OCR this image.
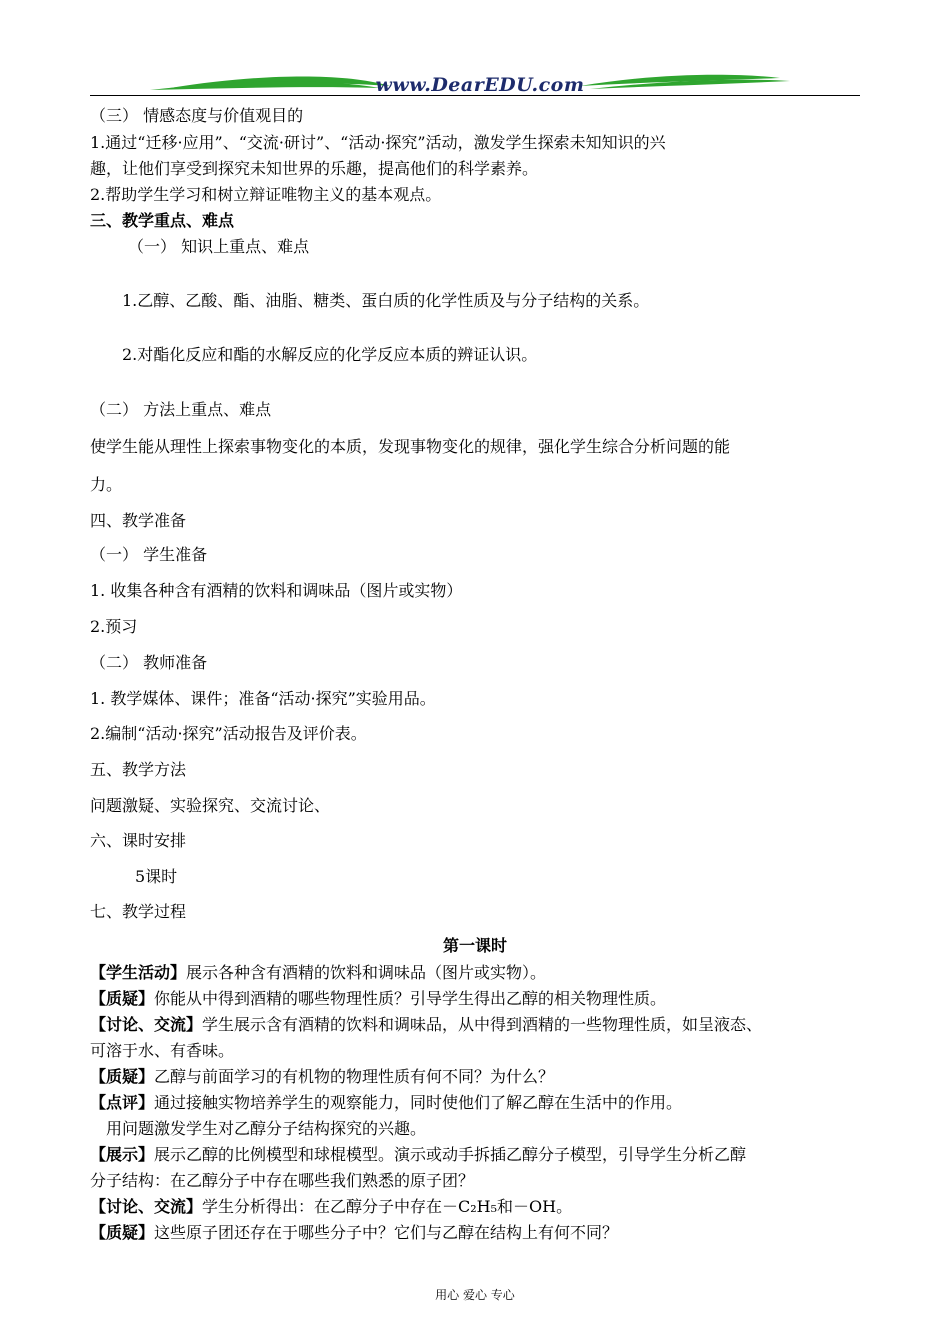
www.DearEDU.com
（三） 情感态度与价值观目的
1.通过“迁移·应用”、“交流·研讨”、“活动·探究”活动，激发学生探索未知知识的兴
趣，让他们享受到探究未知世界的乐趣，提高他们的科学素养。
2.帮助学生学习和树立辩证唯物主义的基本观点。
三、教学重点、难点
（一） 知识上重点、难点
1.乙醇、乙酸、酯、油脂、糖类、蛋白质的化学性质及与分子结构的关系。
2.对酯化反应和酯的水解反应的化学反应本质的辨证认识。
（二） 方法上重点、难点
使学生能从理性上探索事物变化的本质，发现事物变化的规律，强化学生综合分析问题的能
力。
四、教学准备
（一） 学生准备
1. 收集各种含有酒精的饮料和调味品（图片或实物）
2.预习
（二） 教师准备
1. 教学媒体、课件；准备“活动·探究”实验用品。
2.编制“活动·探究”活动报告及评价表。
五、教学方法
问题激疑、实验探究、交流讨论、
六、课时安排
5课时
七、教学过程
第一课时
【学生活动】展示各种含有酒精的饮料和调味品（图片或实物）。
【质疑】你能从中得到酒精的哪些物理性质？引导学生得出乙醇的相关物理性质。
【讨论、交流】学生展示含有酒精的饮料和调味品，从中得到酒精的一些物理性质，如呈液态、
可溶于水、有香味。
【质疑】乙醇与前面学习的有机物的物理性质有何不同？为什么？
【点评】通过接触实物培养学生的观察能力，同时使他们了解乙醇在生活中的作用。
用问题激发学生对乙醇分子结构探究的兴趣。
【展示】展示乙醇的比例模型和球棍模型。演示或动手拆插乙醇分子模型，引导学生分析乙醇
分子结构：在乙醇分子中存在哪些我们熟悉的原子团？
【讨论、交流】学生分析得出：在乙醇分子中存在－C₂H₅和－OH。
【质疑】这些原子团还存在于哪些分子中？它们与乙醇在结构上有何不同？
用心 爱心 专心
